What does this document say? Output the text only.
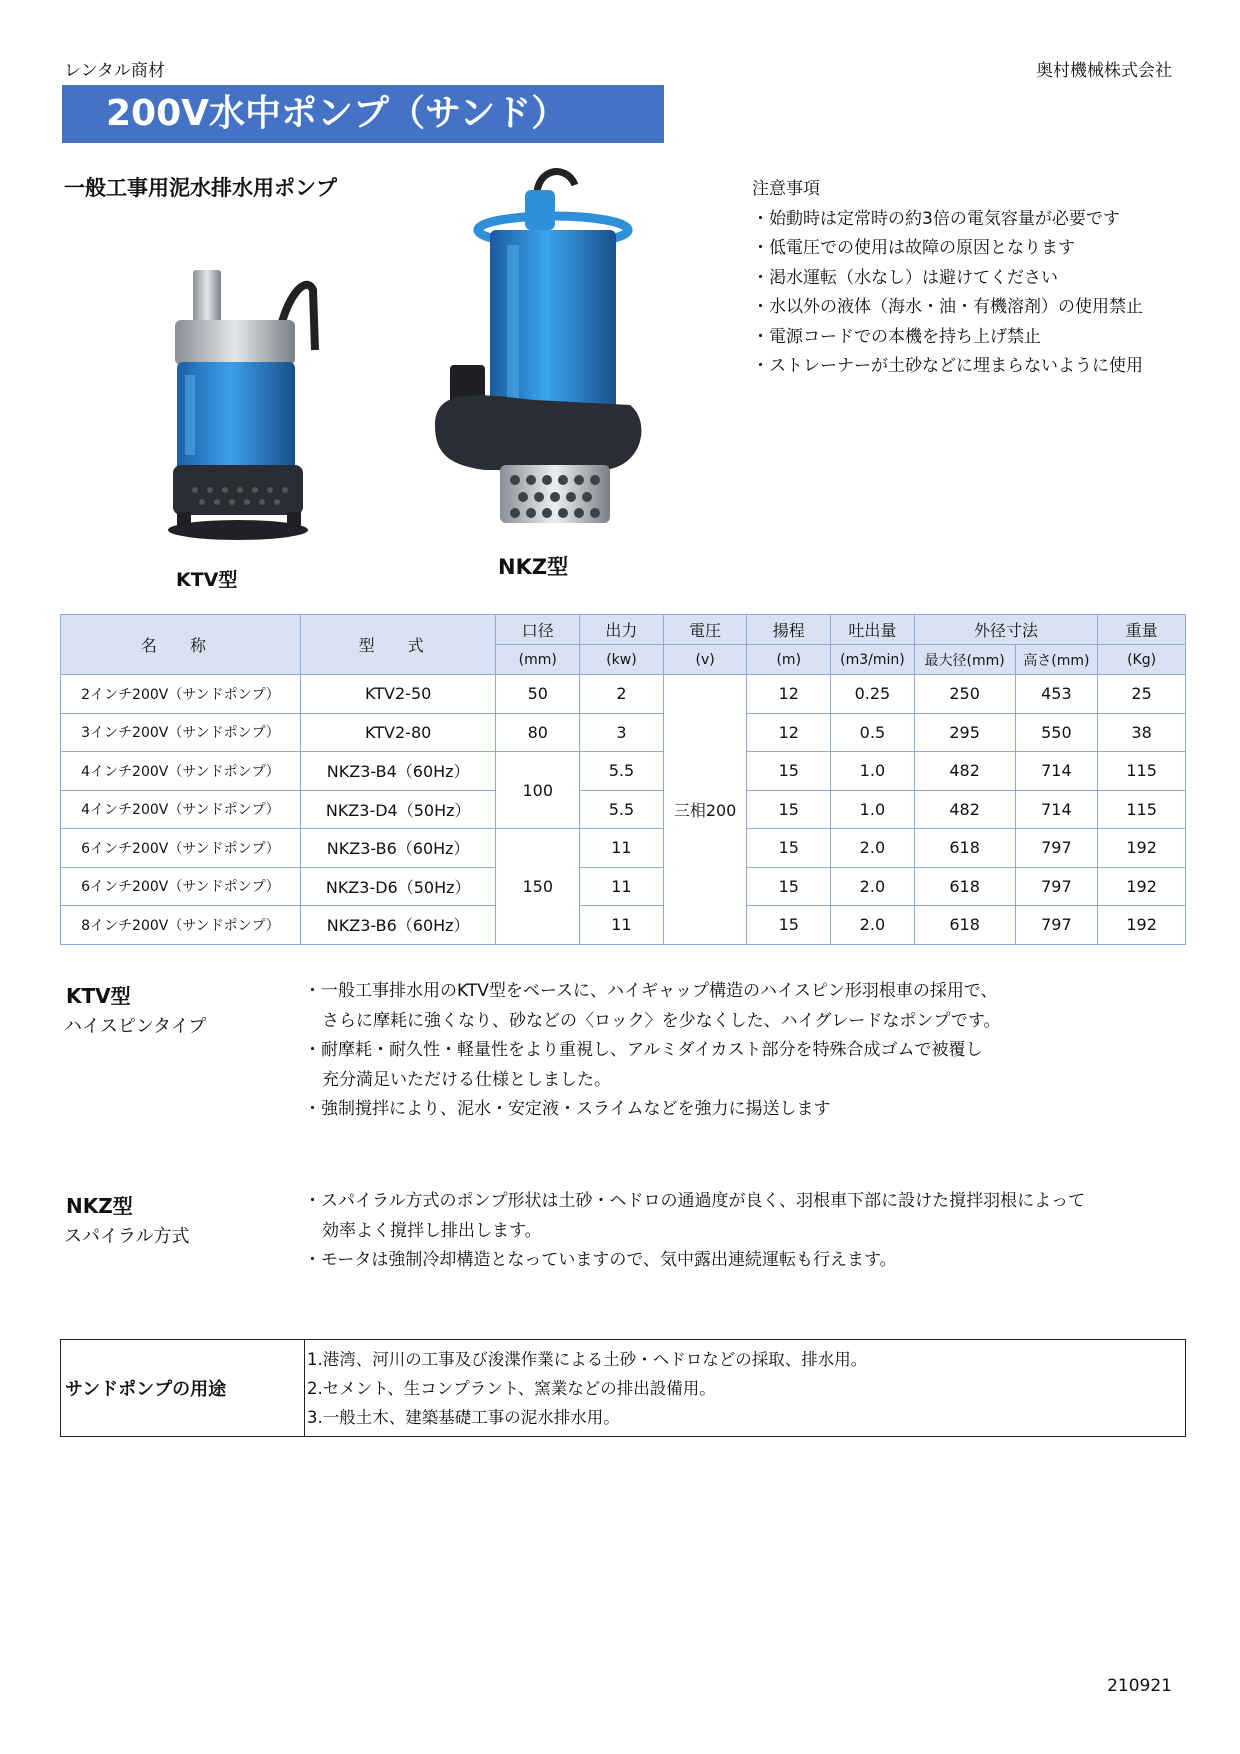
レンタル商材	奥村機械株式会社
200V水中ポンプ（サンド）
一般工事用泥水排水用ポンプ
KTV型
NKZ型
注意事項
・ 始動時は定常時の約3倍の電気容量が必要です
・ 低電圧での使用は故障の原因となります
・ 渇水運転（水なし）は避けてください
・ 水以外の液体（海水・油・有機溶剤）の使用禁止
・ 電源コードでの本機を持ち上げ禁止
・ ストレーナーが土砂などに埋まらないように使用
名 称	型 式	口径	出力	電圧	揚程	吐出量	外径寸法		重量
		(mm)	(kw)	(v)	(m)	(m3/min)	最大径(mm)	高さ(mm)	(Kg)
2インチ200V（サンドポンプ）	KTV2-50	50	2	三相200	12	0.25	250	453	25
3インチ200V（サンドポンプ）	KTV2-80	80	3		12	0.5	295	550	38
4インチ200V（サンドポンプ）	NKZ3-B4（60Hz）	100	5.5		15	1.0	482	714	115
4インチ200V（サンドポンプ）	NKZ3-D4（50Hz）		5.5		15	1.0	482	714	115
6インチ200V（サンドポンプ）	NKZ3-B6（60Hz）	150	11		15	2.0	618	797	192
6インチ200V（サンドポンプ）	NKZ3-D6（50Hz）		11		15	2.0	618	797	192
8インチ200V（サンドポンプ）	NKZ3-B6（60Hz）		11		15	2.0	618	797	192
KTV型
ハイスピンタイプ
・一般工事排水用のKTV型をベースに、ハイギャップ構造のハイスピン形羽根車の採用で、
さらに摩耗に強くなり、砂などの〈ロック〉を少なくした、ハイグレードなポンプです。
・耐摩耗・耐久性・軽量性をより重視し、アルミダイカスト部分を特殊合成ゴムで被覆し
充分満足いただける仕様としました。
・強制撹拌により、泥水・安定液・スライムなどを強力に揚送します
NKZ型
スパイラル方式
・スパイラル方式のポンプ形状は土砂・ヘドロの通過度が良く、羽根車下部に設けた撹拌羽根によって
効率よく撹拌し排出します。
・モータは強制冷却構造となっていますので、気中露出連続運転も行えます。
サンドポンプの用途	
1.港湾、河川の工事及び浚渫作業による土砂・ヘドロなどの採取、排水用。
2.セメント、生コンプラント、窯業などの排出設備用。
3.一般土木、建築基礎工事の泥水排水用。
210921
